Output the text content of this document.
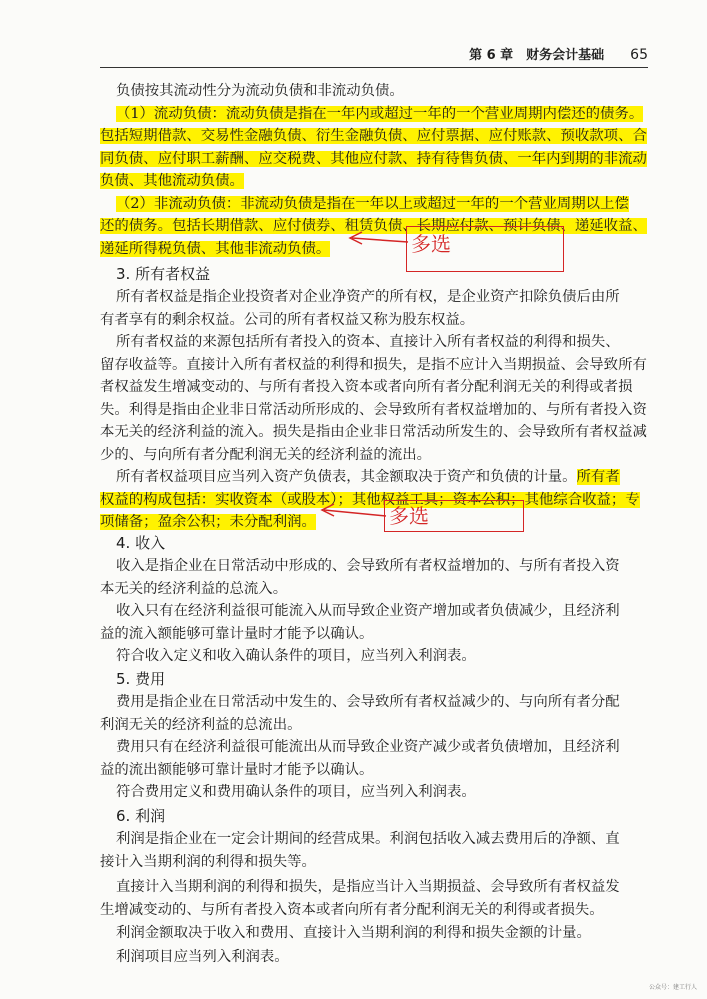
第 6 章　财务会计基础 65
负债按其流动性分为流动负债和非流动负债。
（1）流动负债：流动负债是指在一年内或超过一年的一个营业周期内偿还的债务。
包括短期借款、交易性金融负债、衍生金融负债、应付票据、应付账款、预收款项、合
同负债、应付职工薪酬、应交税费、其他应付款、持有待售负债、一年内到期的非流动
负债、其他流动负债。
（2）非流动负债：非流动负债是指在一年以上或超过一年的一个营业周期以上偿
还的债务。包括长期借款、应付债券、租赁负债、长期应付款、预计负债、递延收益、
递延所得税负债、其他非流动负债。
3. 所有者权益
所有者权益是指企业投资者对企业净资产的所有权，是企业资产扣除负债后由所
有者享有的剩余权益。公司的所有者权益又称为股东权益。
所有者权益的来源包括所有者投入的资本、直接计入所有者权益的利得和损失、
留存收益等。直接计入所有者权益的利得和损失，是指不应计入当期损益、会导致所有
者权益发生增减变动的、与所有者投入资本或者向所有者分配利润无关的利得或者损
失。利得是指由企业非日常活动所形成的、会导致所有者权益增加的、与所有者投入资
本无关的经济利益的流入。损失是指由企业非日常活动所发生的、会导致所有者权益减
少的、与向所有者分配利润无关的经济利益的流出。
所有者权益项目应当列入资产负债表，其金额取决于资产和负债的计量。所有者
权益的构成包括：实收资本（或股本）；其他权益工具；资本公积；其他综合收益；专
项储备；盈余公积；未分配利润。
4. 收入
收入是指企业在日常活动中形成的、会导致所有者权益增加的、与所有者投入资
本无关的经济利益的总流入。
收入只有在经济利益很可能流入从而导致企业资产增加或者负债减少，且经济利
益的流入额能够可靠计量时才能予以确认。
符合收入定义和收入确认条件的项目，应当列入利润表。
5. 费用
费用是指企业在日常活动中发生的、会导致所有者权益减少的、与向所有者分配
利润无关的经济利益的总流出。
费用只有在经济利益很可能流出从而导致企业资产减少或者负债增加，且经济利
益的流出额能够可靠计量时才能予以确认。
符合费用定义和费用确认条件的项目，应当列入利润表。
6. 利润
利润是指企业在一定会计期间的经营成果。利润包括收入减去费用后的净额、直
接计入当期利润的利得和损失等。
直接计入当期利润的利得和损失，是指应当计入当期损益、会导致所有者权益发
生增减变动的、与所有者投入资本或者向所有者分配利润无关的利得或者损失。
利润金额取决于收入和费用、直接计入当期利润的利得和损失金额的计量。
利润项目应当列入利润表。
多选
多选
公众号：建工行人
